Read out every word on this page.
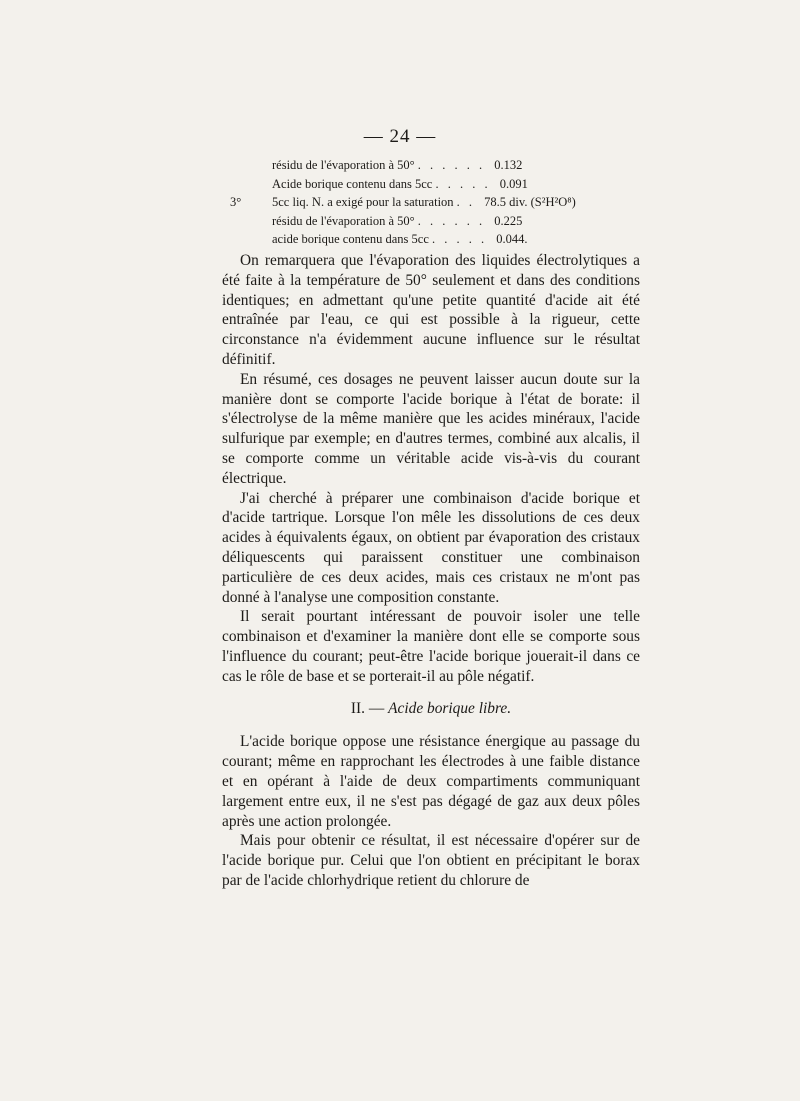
— 24 —
résidu de l'évaporation à 50° . . . . . . 0.132
Acide borique contenu dans 5cc . . . . . 0.091
3°	5cc liq. N. a exigé pour la saturation . . 78.5 div. (S²H²O⁸)
résidu de l'évaporation à 50° . . . . . . 0.225
acide borique contenu dans 5cc . . . . . 0.044.

On remarquera que l'évaporation des liquides électrolytiques a été faite à la température de 50° seulement et dans des conditions identiques; en admettant qu'une petite quantité d'acide ait été entraînée par l'eau, ce qui est possible à la rigueur, cette circonstance n'a évidemment aucune influence sur le résultat définitif.

En résumé, ces dosages ne peuvent laisser aucun doute sur la manière dont se comporte l'acide borique à l'état de borate: il s'électrolyse de la même manière que les acides minéraux, l'acide sulfurique par exemple; en d'autres termes, combiné aux alcalis, il se comporte comme un véritable acide vis-à-vis du courant électrique.

J'ai cherché à préparer une combinaison d'acide borique et d'acide tartrique. Lorsque l'on mêle les dissolutions de ces deux acides à équivalents égaux, on obtient par évaporation des cristaux déliquescents qui paraissent constituer une combinaison particulière de ces deux acides, mais ces cristaux ne m'ont pas donné à l'analyse une composition constante.

Il serait pourtant intéressant de pouvoir isoler une telle combinaison et d'examiner la manière dont elle se comporte sous l'influence du courant; peut-être l'acide borique jouerait-il dans ce cas le rôle de base et se porterait-il au pôle négatif.

II. — Acide borique libre.

L'acide borique oppose une résistance énergique au passage du courant; même en rapprochant les électrodes à une faible distance et en opérant à l'aide de deux compartiments communiquant largement entre eux, il ne s'est pas dégagé de gaz aux deux pôles après une action prolongée.

Mais pour obtenir ce résultat, il est nécessaire d'opérer sur de l'acide borique pur. Celui que l'on obtient en précipitant le borax par de l'acide chlorhydrique retient du chlorure de
